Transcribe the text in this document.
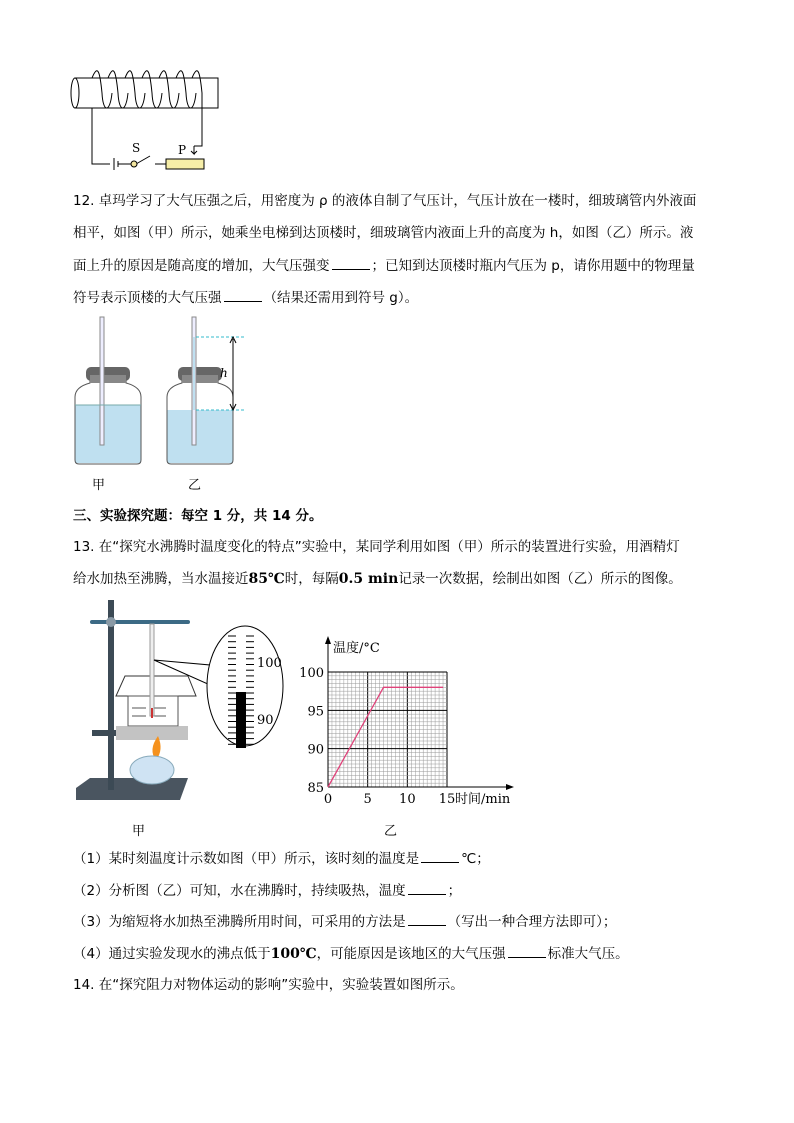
S	P
12. 卓玛学习了大气压强之后，用密度为 ρ 的液体自制了气压计，气压计放在一楼时，细玻璃管内外液面
相平，如图（甲）所示，她乘坐电梯到达顶楼时，细玻璃管内液面上升的高度为 h，如图（乙）所示。液
面上升的原因是随高度的增加，大气压强变	；已知到达顶楼时瓶内气压为 p，请你用题中的物理量
符号表示顶楼的大气压强	（结果还需用到符号 g）。
h
甲	乙
三、实验探究题：每空 1 分，共 14 分。
13. 在“探究水沸腾时温度变化的特点”实验中，某同学利用如图（甲）所示的装置进行实验，用酒精灯
给水加热至沸腾，当水温接近85℃时，每隔0.5 min记录一次数据，绘制出如图（乙）所示的图像。
100
90
甲
85
90
95
100
0 5 10 15 时间/min
温度/°C
乙
（1）某时刻温度计示数如图（甲）所示，该时刻的温度是	℃；
（2）分析图（乙）可知，水在沸腾时，持续吸热，温度	；
（3）为缩短将水加热至沸腾所用时间，可采用的方法是	（写出一种合理方法即可）；
（4）通过实验发现水的沸点低于100℃，可能原因是该地区的大气压强	标准大气压。
14. 在“探究阻力对物体运动的影响”实验中，实验装置如图所示。
